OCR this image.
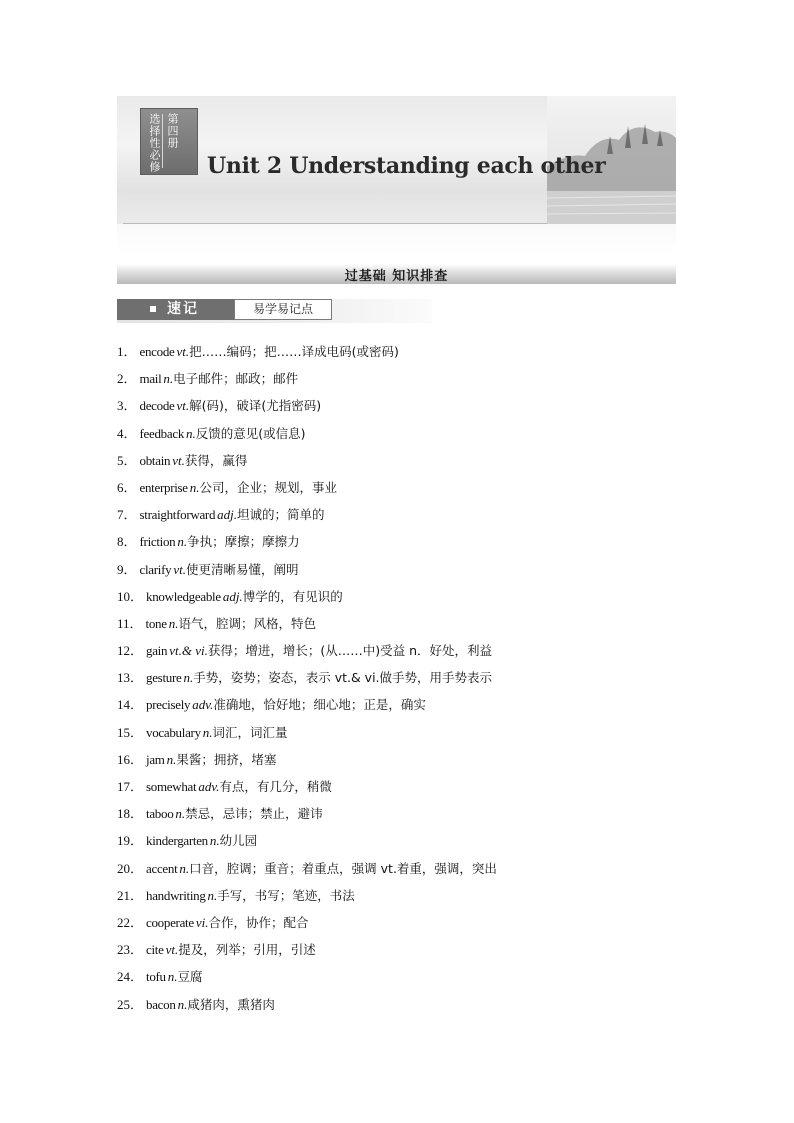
选择性必修 第四册
Unit 2 Understanding each other
过基础 知识排查
速记	易学易记点
1． encode vt.把……编码；把……译成电码(或密码)
2． mail n.电子邮件；邮政；邮件
3． decode vt.解(码)，破译(尤指密码)
4． feedback n.反馈的意见(或信息)
5． obtain vt.获得，赢得
6． enterprise n.公司，企业；规划，事业
7． straightforward adj.坦诚的；简单的
8． friction n.争执；摩擦；摩擦力
9． clarify vt.使更清晰易懂，阐明
10． knowledgeable adj.博学的，有见识的
11． tone n.语气，腔调；风格，特色
12． gain vt.& vi.获得；增进，增长；(从……中)受益 n．好处，利益
13． gesture n.手势，姿势；姿态，表示 vt.& vi.做手势，用手势表示
14． precisely adv.准确地，恰好地；细心地；正是，确实
15． vocabulary n.词汇，词汇量
16． jam n.果酱；拥挤，堵塞
17． somewhat adv.有点，有几分，稍微
18． taboo n.禁忌，忌讳；禁止，避讳
19． kindergarten n.幼儿园
20． accent n.口音，腔调；重音；着重点，强调 vt.着重，强调，突出
21． handwriting n.手写，书写；笔迹，书法
22． cooperate vi.合作，协作；配合
23． cite vt.提及，列举；引用，引述
24． tofu n.豆腐
25． bacon n.咸猪肉，熏猪肉
